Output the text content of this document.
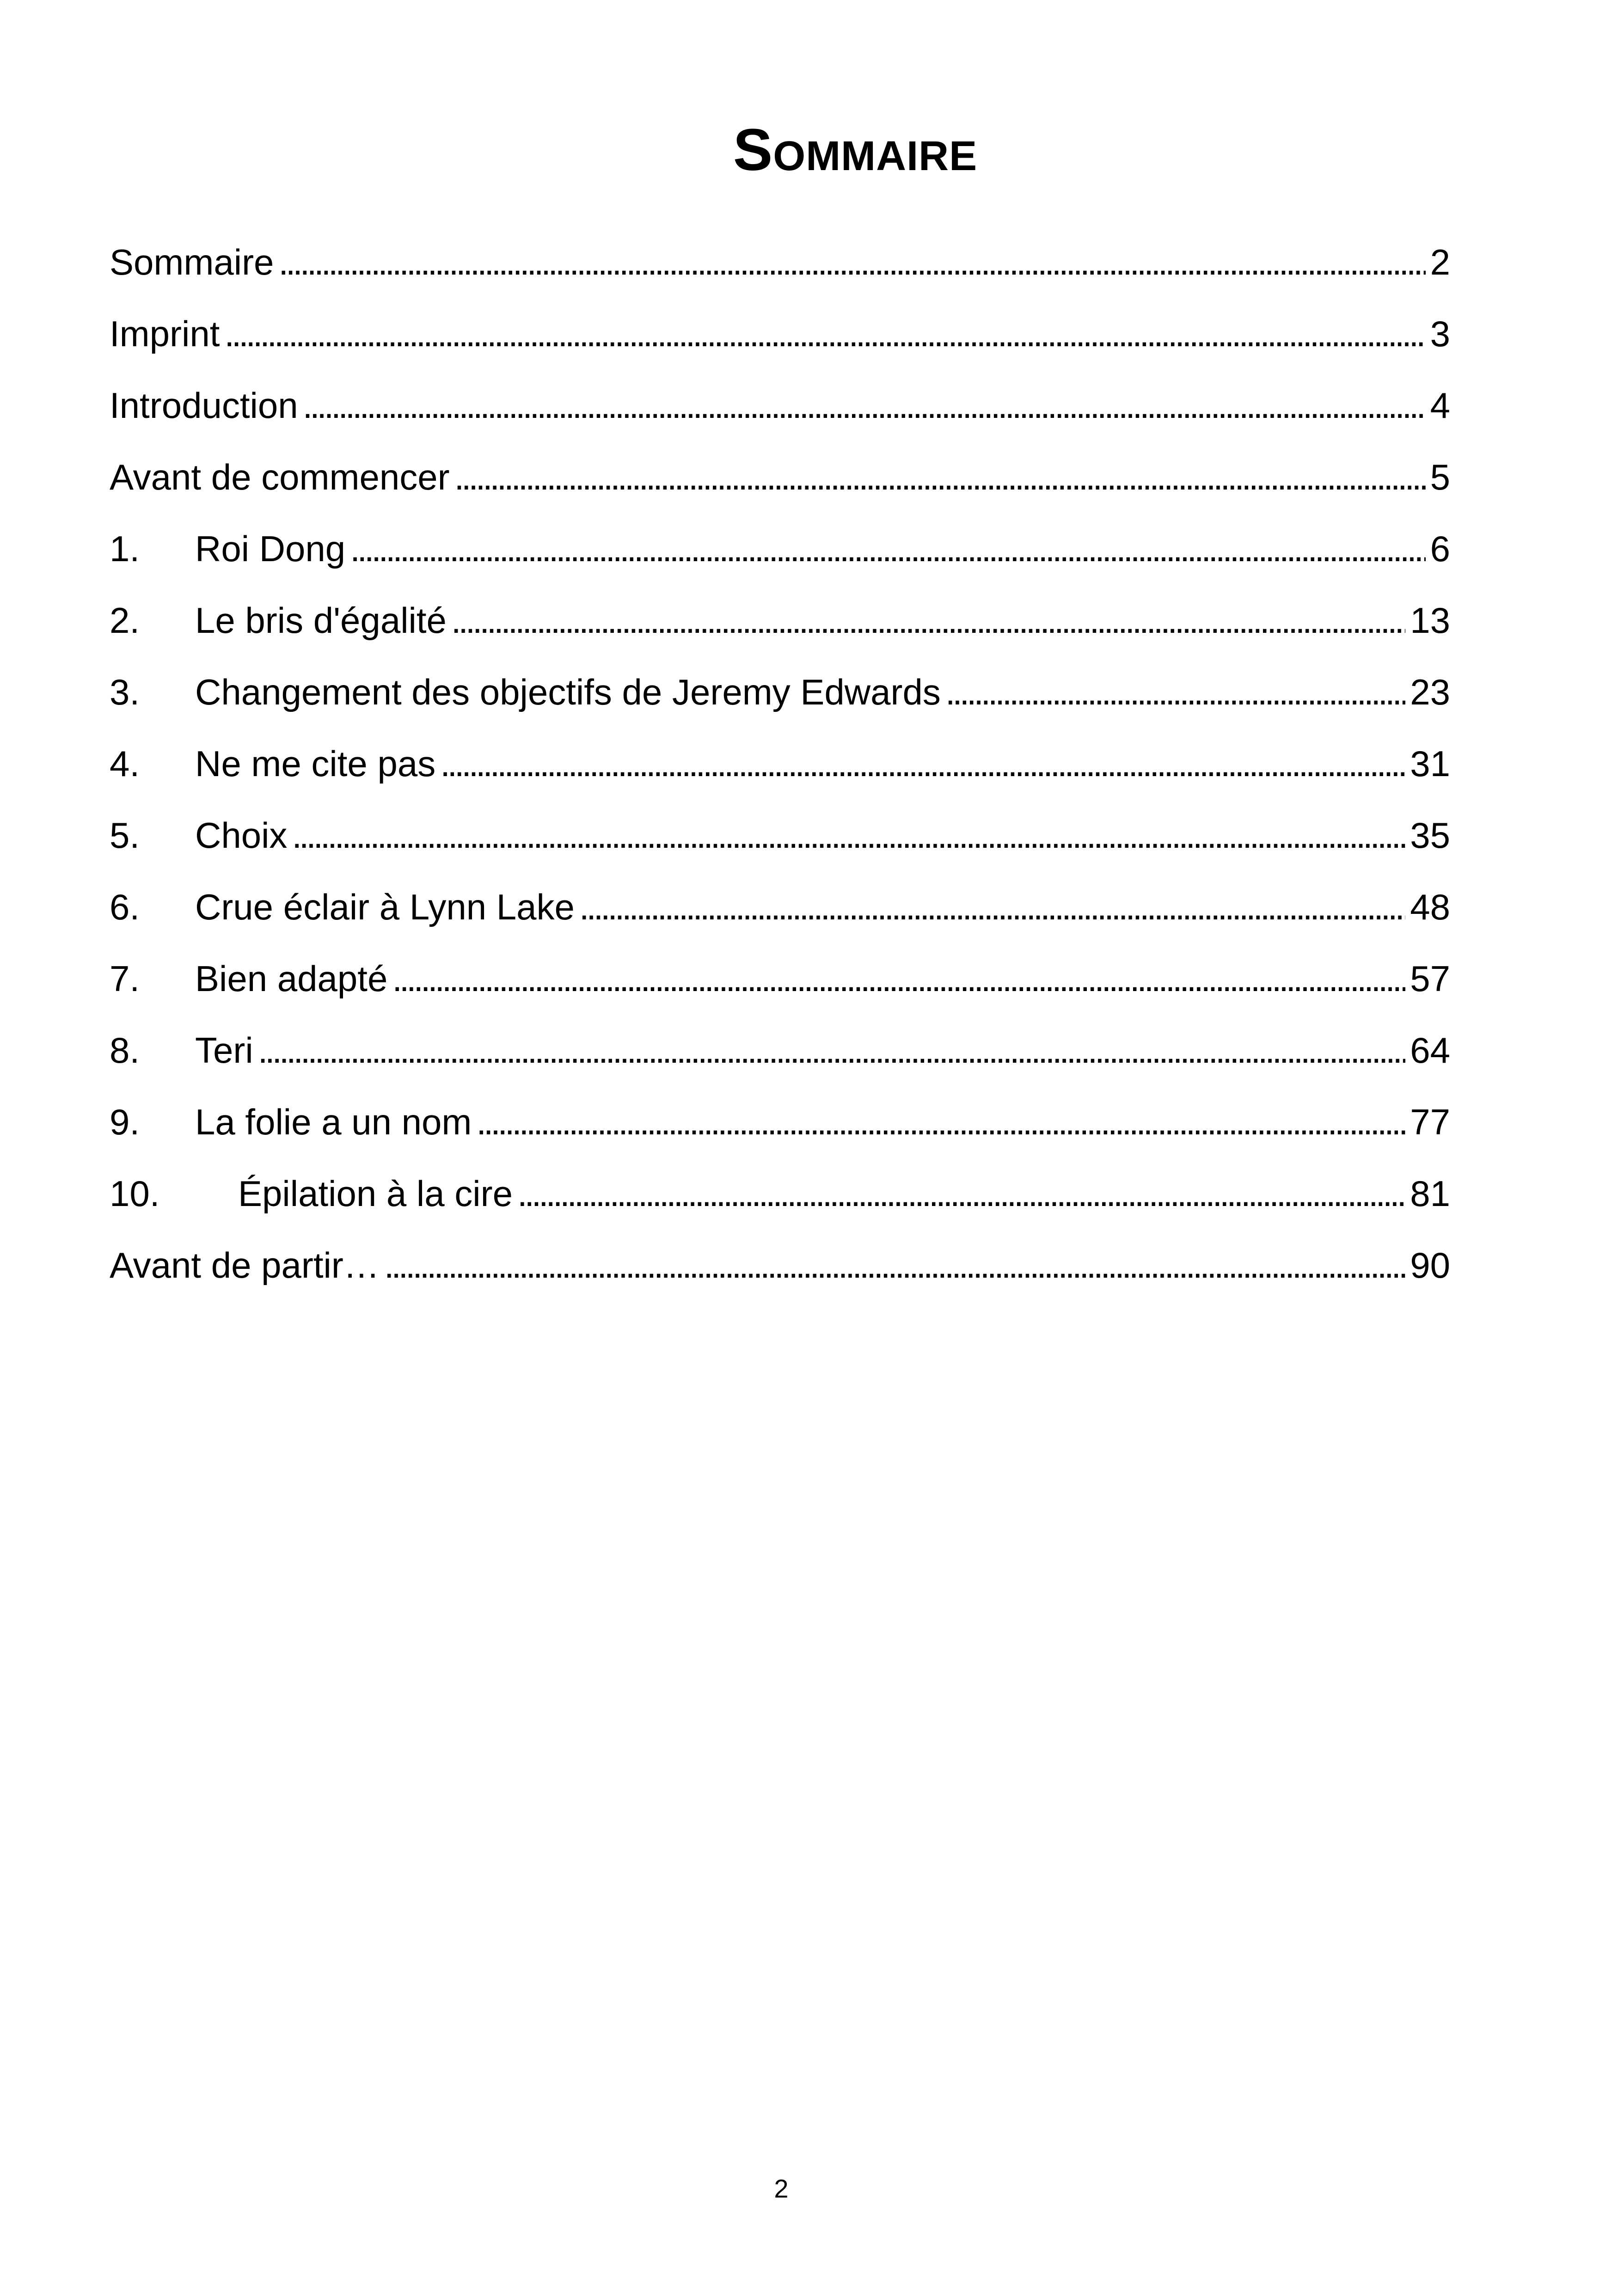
Sommaire
Sommaire . . .	2
Imprint . . .	3
Introduction . . .	4
Avant de commencer . . .	5
1.	Roi Dong . . .	6
2.	Le bris d'égalité . . .	13
3.	Changement des objectifs de Jeremy Edwards . . .	23
4.	Ne me cite pas . . .	31
5.	Choix . . .	35
6.	Crue éclair à Lynn Lake . . .	48
7.	Bien adapté . . .	57
8.	Teri . . .	64
9.	La folie a un nom . . .	77
10.	Épilation à la cire . . .	81
Avant de partir… . . .	90
2
